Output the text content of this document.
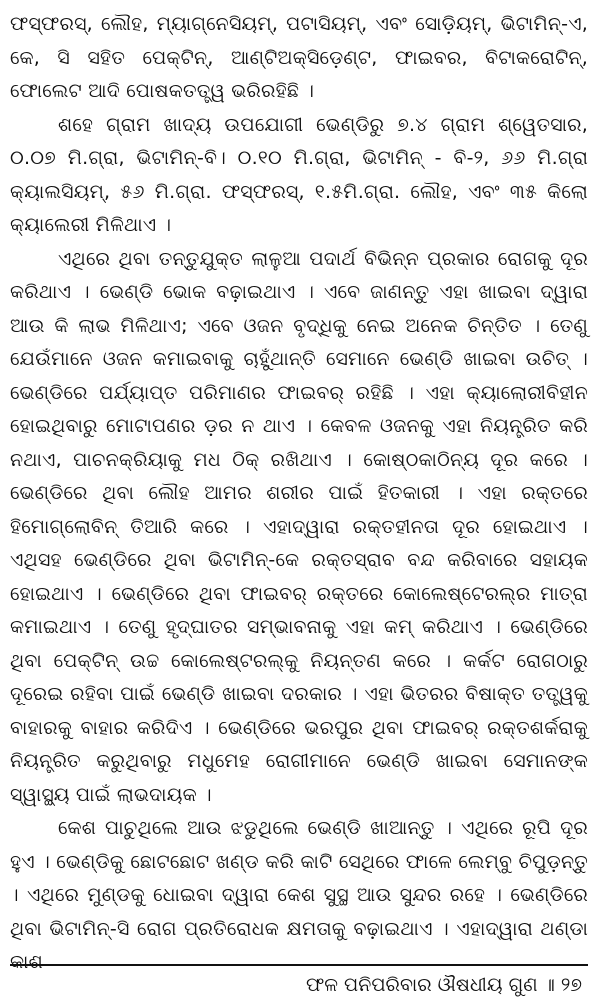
ଫସ୍‌ଫରସ୍, ଲୌହ, ମ୍ୟାଗ୍ନେସିୟମ୍, ପଟାସିୟମ୍, ଏବଂ ସୋଡ଼ିୟମ୍, ଭିଟାମିନ୍-ଏ, କେ, ସି ସହିତ ପେକ୍‌ଟିନ୍, ଆଣ୍ଟିଅକ୍‌ସିଡ଼େଣ୍ଟ, ଫାଇବର, ବିଟାକରୋଟିନ୍, ଫୋଲେଟ ଆଦି ପୋଷକତତ୍ତ୍ୱ ଭରିରହିଛି ।

ଶହେ ଗ୍ରାମ ଖାଦ୍ୟ ଉପଯୋଗୀ ଭେଣ୍ଡିରୁ ୭.୪ ଗ୍ରାମ ଶ୍ୱେତସାର, ୦.୦୭ ମି.ଗ୍ରା, ଭିଟାମିନ୍-ବି। ୦.୧୦ ମି.ଗ୍ରା, ଭିଟାମିନ୍ - ବି-୨, ୬୬ ମି.ଗ୍ରା କ୍ୟାଲସିୟମ୍, ୫୬ ମି.ଗ୍ରା. ଫସ୍‌ଫରସ୍, ୧.୫ମି.ଗ୍ରା. ଲୌହ, ଏବଂ ୩୫ କିଲୋ କ୍ୟାଲେରୀ ମିଳିଥାଏ ।

ଏଥିରେ ଥିବା ତନ୍ତୁଯୁକ୍ତ ଲାଳୁଆ ପଦାର୍ଥ ବିଭିନ୍ନ ପ୍ରକାର ରୋଗକୁ ଦୂର କରିଥାଏ । ଭେଣ୍ଡି ଭୋକ ବଢ଼ାଇଥାଏ । ଏବେ ଜାଣନ୍ତୁ ଏହା ଖାଇବା ଦ୍ୱାରା ଆଉ କି ଲାଭ ମିଳିଥାଏ; ଏବେ ଓଜନ ବୃଦ୍ଧିକୁ ନେଇ ଅନେକ ଚିନ୍ତିତ । ତେଣୁ ଯେଉଁମାନେ ଓଜନ କମାଇବାକୁ ଚାହୁଁଥାନ୍ତି ସେମାନେ ଭେଣ୍ଡି ଖାଇବା ଉଚିତ୍ । ଭେଣ୍ଡିରେ ପର୍ଯ୍ୟାପ୍ତ ପରିମାଣର ଫାଇବର୍ ରହିଛି । ଏହା କ୍ୟାଲୋରୀବିହୀନ ହୋଇଥିବାରୁ ମୋଟାପଣର ଡ଼ର ନ ଥାଏ । କେବଳ ଓଜନକୁ ଏହା ନିୟନ୍ତ୍ରିତ କରି ନଥାଏ, ପାଚନକ୍ରିୟାକୁ ମଧ ଠିକ୍ ରଖିଥାଏ । କୋଷ୍ଠକାଠିନ୍ୟ ଦୂର କରେ । ଭେଣ୍ଡିରେ ଥିବା ଲୌହ ଆମର ଶରୀର ପାଇଁ ହିତକାରୀ । ଏହା ରକ୍ତରେ ହିମୋଗ୍ଲୋବିନ୍ ତିଆରି କରେ । ଏହାଦ୍ୱାରା ରକ୍ତହୀନତା ଦୂର ହୋଇଥାଏ । ଏଥିସହ ଭେଣ୍ଡିରେ ଥିବା ଭିଟାମିନ୍-କେ ରକ୍ତସ୍ରାବ ବନ୍ଦ କରିବାରେ ସହାୟକ ହୋଇଥାଏ । ଭେଣ୍ଡିରେ ଥିବା ଫାଇବର୍ ରକ୍ତରେ କୋଲେଷ୍ଟେରଲ୍‌ର ମାତ୍ରା କମାଇଥାଏ । ତେଣୁ ହୃଦ୍‌ଘାତର ସମ୍ଭାବନାକୁ ଏହା କମ୍ କରିଥାଏ । ଭେଣ୍ଡିରେ ଥିବା ପେକ୍‌ଟିନ୍ ଉଚ୍ଚ କୋଲେଷ୍ଟରଲ୍‌କୁ ନିୟନ୍ତଣ କରେ । କର୍କଟ ରୋଗଠାରୁ ଦୂରେଇ ରହିବା ପାଇଁ ଭେଣ୍ଡି ଖାଇବା ଦରକାର । ଏହା ଭିତରର ବିଷାକ୍ତ ତତ୍ତ୍ୱକୁ ବାହାରକୁ ବାହାର କରିଦିଏ । ଭେଣ୍ଡିରେ ଭରପୁର ଥିବା ଫାଇବର୍ ରକ୍ତଶର୍କରାକୁ ନିୟନ୍ତ୍ରିତ କରୁଥିବାରୁ ମଧୁମେହ ରୋଗୀମାନେ ଭେଣ୍ଡି ଖାଇବା ସେମାନଙ୍କ ସ୍ୱାସ୍ଥ୍ୟ ପାଇଁ ଲାଭଦାୟକ ।

କେଶ ପାଚୁଥିଲେ ଆଉ ଝଡୁଥିଲେ ଭେଣ୍ଡି ଖାଆନ୍ତୁ । ଏଥିରେ ରୂପି ଦୂର ହୁଏ । ଭେଣ୍ଡିକୁ ଛୋଟଛୋଟ ଖଣ୍ଡ କରି କାଟି ସେଥିରେ ଫାଳେ ଲେମ୍ବୁ ଚିପୁଡ଼ନ୍ତୁ । ଏଥିରେ ମୁଣ୍ଡକୁ ଧୋଇବା ଦ୍ୱାରା କେଶ ସୁସ୍ଥ ଆଉ ସୁନ୍ଦର ରହେ । ଭେଣ୍ଡିରେ ଥିବା ଭିଟାମିନ୍-ସି ରୋଗ ପ୍ରତିରୋଧକ କ୍ଷମତାକୁ ବଢ଼ାଇଥାଏ । ଏହାଦ୍ୱାରା ଥଣ୍ଡା କାଶ

ଫଳ ପନିପରିବାର ଔଷଧୀୟ ଗୁଣ ॥ ୨୭
